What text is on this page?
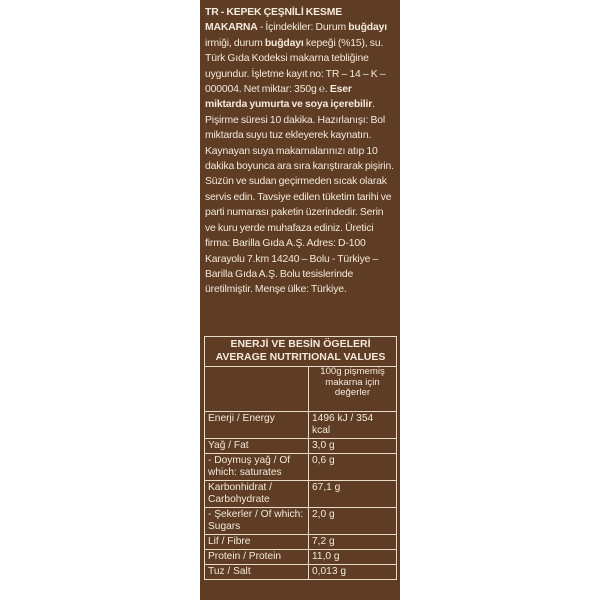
TR - KEPEK ÇEŞNİLİ KESME MAKARNA - İçindekiler: Durum buğdayı irmiği, durum buğdayı kepeği (%15), su. Türk Gıda Kodeksi makarna tebliğine uygundur. İşletme kayıt no: TR – 14 – K – 000004. Net miktar: 350g ℮. Eser miktarda yumurta ve soya içerebilir. Pişirme süresi 10 dakika. Hazırlanışı: Bol miktarda suyu tuz ekleyerek kaynatın. Kaynayan suya makarnalarınızı atıp 10 dakika boyunca ara sıra karıştırarak pişirin. Süzün ve sudan geçirmeden sıcak olarak servis edin. Tavsiye edilen tüketim tarihi ve parti numarası paketin üzerindedir. Serin ve kuru yerde muhafaza ediniz. Üretici firma: Barilla Gıda A.Ş. Adres: D-100 Karayolu 7.km 14240 – Bolu - Türkiye – Barilla Gıda A.Ş. Bolu tesislerinde üretilmiştir. Menşe ülke: Türkiye.
ENERJİ VE BESİN ÖGELERİ
AVERAGE NUTRITIONAL VALUES
	100g pişmemiş makarna için değerler
Enerji / Energy	1496 kJ / 354 kcal
Yağ / Fat	3,0 g
- Doymuş yağ / Of which: saturates	0,6 g
Karbonhidrat / Carbohydrate	67,1 g
- Şekerler / Of which: Sugars	2,0 g
Lif / Fibre	7,2 g
Protein / Protein	11,0 g
Tuz / Salt	0,013 g
